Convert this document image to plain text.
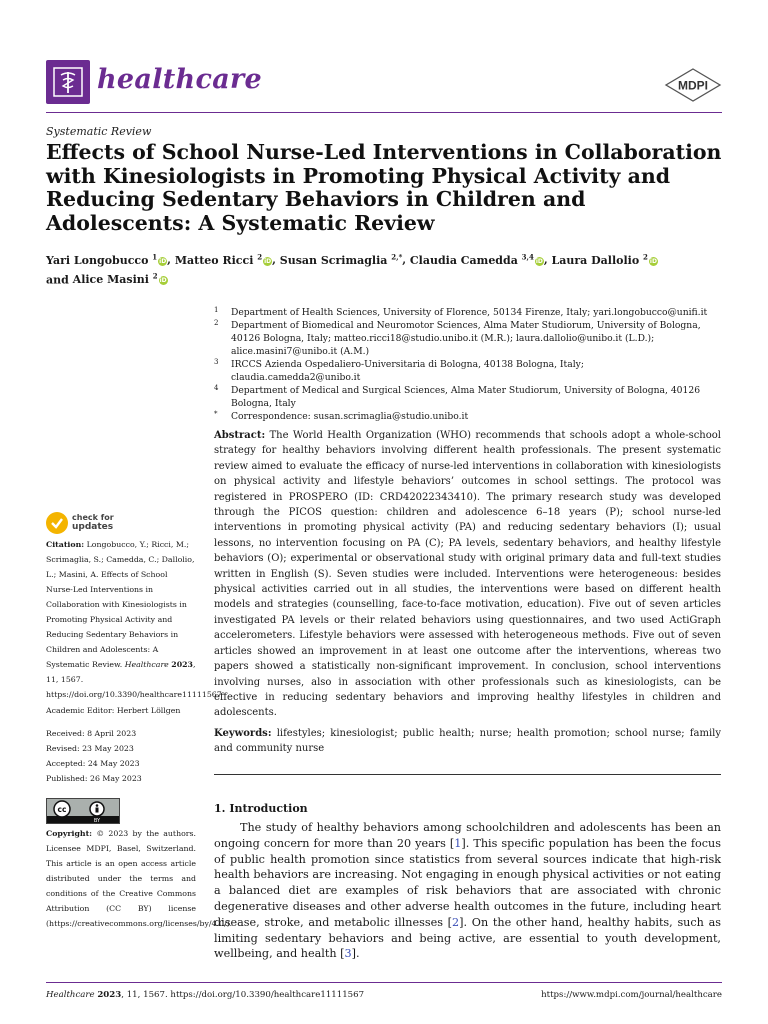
healthcare	MDPI
Systematic Review
Effects of School Nurse-Led Interventions in Collaboration with Kinesiologists in Promoting Physical Activity and Reducing Sedentary Behaviors in Children and Adolescents: A Systematic Review
Yari Longobucco $^1$iD, Matteo Ricci $^2$iD, Susan Scrimaglia $^{2,*}$, Claudia Camedda $^{3,4}$iD, Laura Dallolio $^2$iD
and Alice Masini $^2$iD
1	Department of Health Sciences, University of Florence, 50134 Firenze, Italy; yari.longobucco@unifi.it
2	Department of Biomedical and Neuromotor Sciences, Alma Mater Studiorum, University of Bologna, 40126 Bologna, Italy; matteo.ricci18@studio.unibo.it (M.R.); laura.dallolio@unibo.it (L.D.); alice.masini7@unibo.it (A.M.)
3	IRCCS Azienda Ospedaliero-Universitaria di Bologna, 40138 Bologna, Italy; claudia.camedda2@unibo.it
4	Department of Medical and Surgical Sciences, Alma Mater Studiorum, University of Bologna, 40126 Bologna, Italy
*	Correspondence: susan.scrimaglia@studio.unibo.it
check for
updates
Citation: Longobucco, Y.; Ricci, M.; Scrimaglia, S.; Camedda, C.; Dallolio, L.; Masini, A. Effects of School Nurse-Led Interventions in Collaboration with Kinesiologists in Promoting Physical Activity and Reducing Sedentary Behaviors in Children and Adolescents: A Systematic Review. Healthcare 2023, 11, 1567. https://doi.org/10.3390/healthcare11111567
Academic Editor: Herbert Löllgen
Received: 8 April 2023
Revised: 23 May 2023
Accepted: 24 May 2023
Published: 26 May 2023
cc
BY
Copyright: © 2023 by the authors. Licensee MDPI, Basel, Switzerland. This article is an open access article distributed under the terms and conditions of the Creative Commons Attribution (CC BY) license (https://creativecommons.org/licenses/by/4.0/).
Abstract: The World Health Organization (WHO) recommends that schools adopt a whole-school strategy for healthy behaviors involving different health professionals. The present systematic review aimed to evaluate the efficacy of nurse-led interventions in collaboration with kinesiologists on physical activity and lifestyle behaviors’ outcomes in school settings. The protocol was registered in PROSPERO (ID: CRD42022343410). The primary research study was developed through the PICOS question: children and adolescence 6–18 years (P); school nurse-led interventions in promoting physical activity (PA) and reducing sedentary behaviors (I); usual lessons, no intervention focusing on PA (C); PA levels, sedentary behaviors, and healthy lifestyle behaviors (O); experimental or observational study with original primary data and full-text studies written in English (S). Seven studies were included. Interventions were heterogeneous: besides physical activities carried out in all studies, the interventions were based on different health models and strategies (counselling, face-to-face motivation, education). Five out of seven articles investigated PA levels or their related behaviors using questionnaires, and two used ActiGraph accelerometers. Lifestyle behaviors were assessed with heterogeneous methods. Five out of seven articles showed an improvement in at least one outcome after the interventions, whereas two papers showed a statistically non-significant improvement. In conclusion, school interventions involving nurses, also in association with other professionals such as kinesiologists, can be effective in reducing sedentary behaviors and improving healthy lifestyles in children and adolescents.
Keywords: lifestyles; kinesiologist; public health; nurse; health promotion; school nurse; family and community nurse
1. Introduction
The study of healthy behaviors among schoolchildren and adolescents has been an ongoing concern for more than 20 years [1]. This specific population has been the focus of public health promotion since statistics from several sources indicate that high-risk health behaviors are increasing. Not engaging in enough physical activities or not eating a balanced diet are examples of risk behaviors that are associated with chronic degenerative diseases and other adverse health outcomes in the future, including heart disease, stroke, and metabolic illnesses [2]. On the other hand, healthy habits, such as limiting sedentary behaviors and being active, are essential to youth development, wellbeing, and health [3].
Healthcare 2023, 11, 1567. https://doi.org/10.3390/healthcare11111567	https://www.mdpi.com/journal/healthcare
